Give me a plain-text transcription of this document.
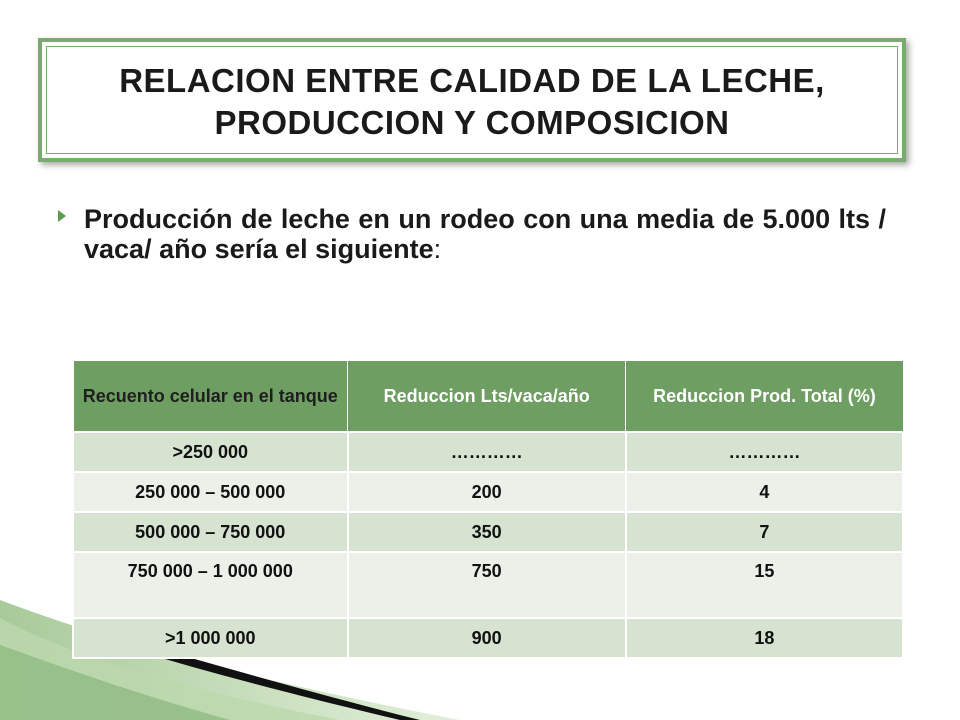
RELACION ENTRE CALIDAD DE LA LECHE,
PRODUCCION Y COMPOSICION
Producción de leche en un rodeo con una media de 5.000 lts / vaca/ año sería el siguiente:
Recuento celular en el tanque	Reduccion Lts/vaca/año	Reduccion Prod. Total (%)
>250 000	…………	…………
250 000 – 500 000	200	4
500 000 – 750 000	350	7
750 000 – 1 000 000	750	15
>1 000 000	900	18
